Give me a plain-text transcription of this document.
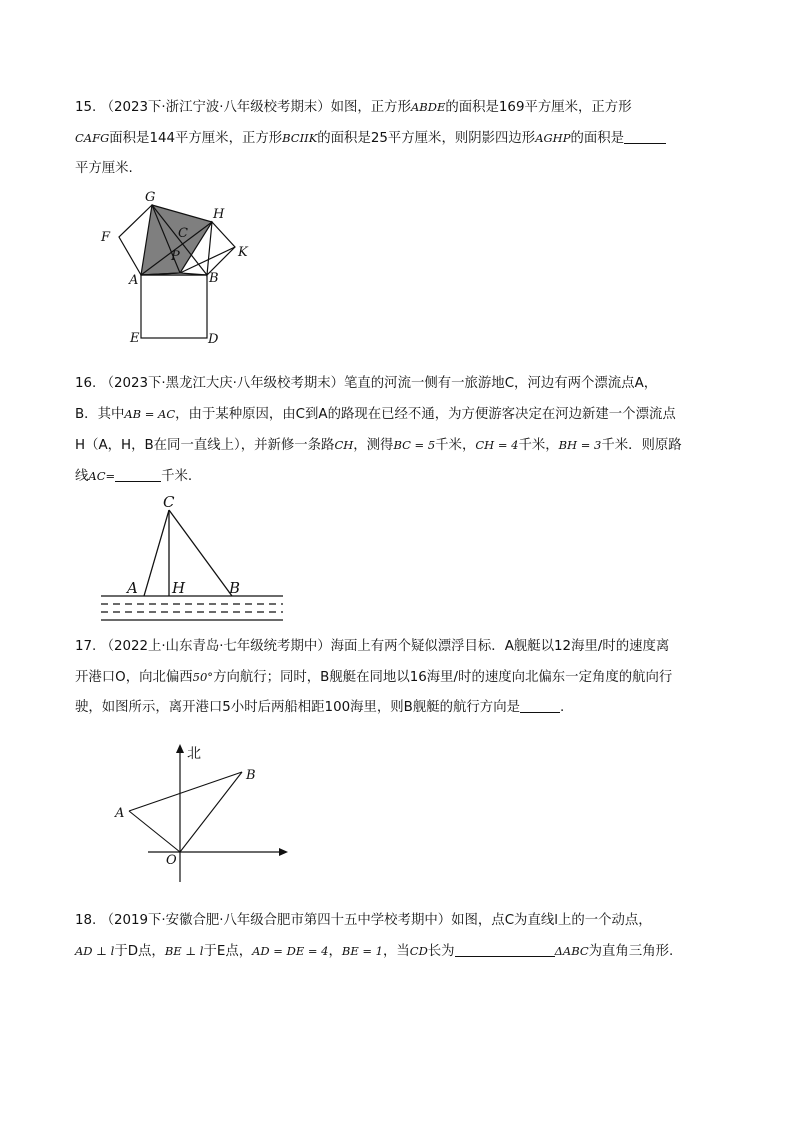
15. （2023下·浙江宁波·八年级校考期末）如图，正方形ABDE的面积是169平方厘米，正方形

CAFG面积是144平方厘米，正方形BCIIK的面积是25平方厘米，则阴影四边形AGHP的面积是

平方厘米.

G
H
F	C
P	K
A	B
E	D

16. （2023下·黑龙江大庆·八年级校考期末）笔直的河流一侧有一旅游地C，河边有两个漂流点A，

B．其中AB = AC，由于某种原因，由C到A的路现在已经不通，为方便游客决定在河边新建一个漂流点

H（A，H，B在同一直线上），并新修一条路CH，测得BC = 5千米，CH = 4千米，BH = 3千米．则原路

线AC=	千米.

C
A H	B

17. （2022上·山东青岛·七年级统考期中）海面上有两个疑似漂浮目标．A舰艇以12海里/时的速度离

开港口O，向北偏西50°方向航行；同时，B舰艇在同地以16海里/时的速度向北偏东一定角度的航向行

驶，如图所示，离开港口5小时后两船相距100海里，则B舰艇的航行方向是	.

北
B
A
O

18. （2019下·安徽合肥·八年级合肥市第四十五中学校考期中）如图，点C为直线l上的一个动点，

AD ⊥ l于D点，BE ⊥ l于E点，AD = DE = 4，BE = 1，当CD长为	ΔABC为直角三角形.
